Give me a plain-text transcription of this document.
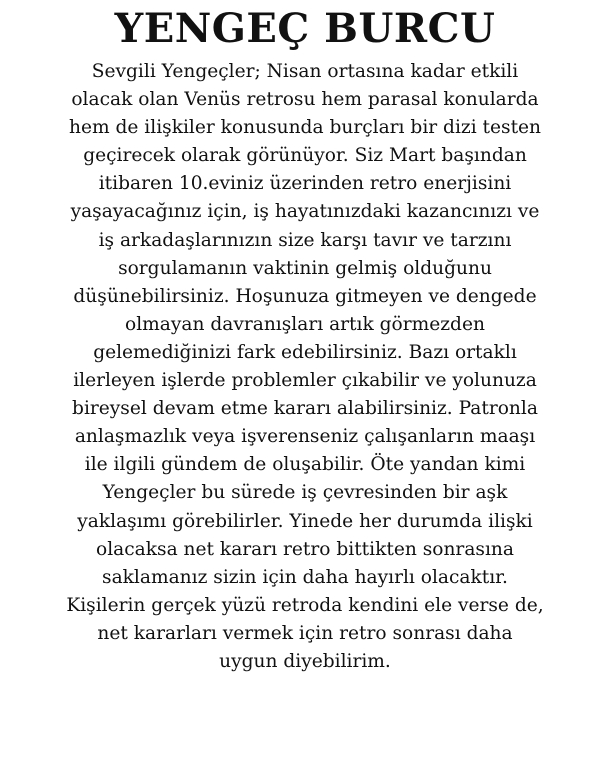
YENGEÇ BURCU

Sevgili Yengeçler; Nisan ortasına kadar etkili
olacak olan Venüs retrosu hem parasal konularda
hem de ilişkiler konusunda burçları bir dizi testen
geçirecek olarak görünüyor. Siz Mart başından
itibaren 10.eviniz üzerinden retro enerjisini
yaşayacağınız için, iş hayatınızdaki kazancınızı ve
iş arkadaşlarınızın size karşı tavır ve tarzını
sorgulamanın vaktinin gelmiş olduğunu
düşünebilirsiniz. Hoşunuza gitmeyen ve dengede
olmayan davranışları artık görmezden
gelemediğinizi fark edebilirsiniz. Bazı ortaklı
ilerleyen işlerde problemler çıkabilir ve yolunuza
bireysel devam etme kararı alabilirsiniz. Patronla
anlaşmazlık veya işverenseniz çalışanların maaşı
ile ilgili gündem de oluşabilir. Öte yandan kimi
Yengeçler bu sürede iş çevresinden bir aşk
yaklaşımı görebilirler. Yinede her durumda ilişki
olacaksa net kararı retro bittikten sonrasına
saklamanız sizin için daha hayırlı olacaktır.
Kişilerin gerçek yüzü retroda kendini ele verse de,
net kararları vermek için retro sonrası daha
uygun diyebilirim.
